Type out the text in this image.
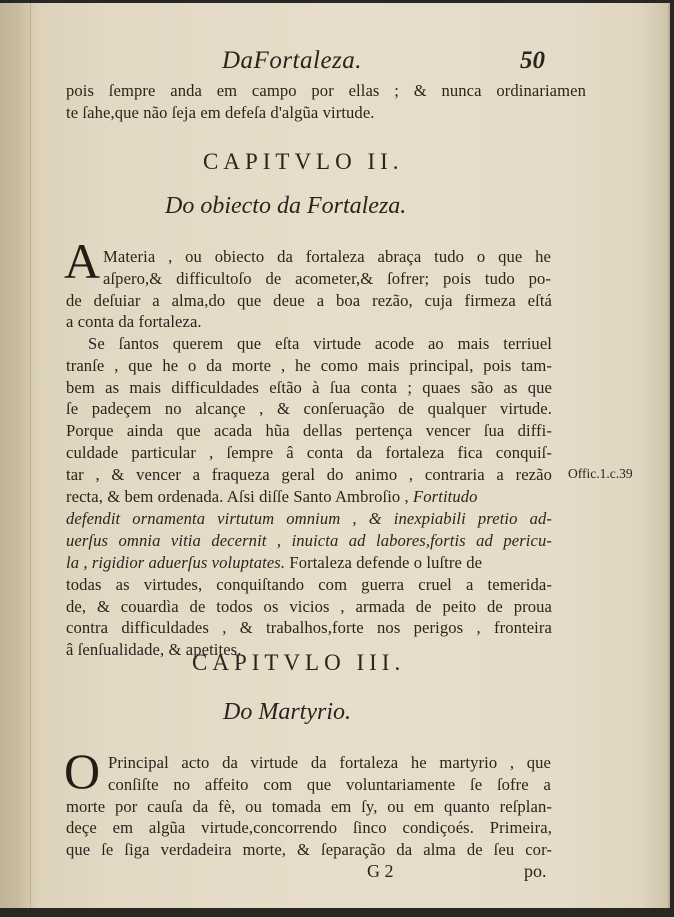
DaFortaleza.	50
pois ſempre anda em campo por ellas ; & nunca ordinariamen
te ſahe,que não ſeja em defeſa d'algũa virtude.
CAPITVLO II.
Do obiecto da Fortaleza.
A Materia , ou obiecto da fortaleza abraça tudo o que he
aſpero,& difficultoſo de acometer,& ſofrer; pois tudo po-
de deſuiar a alma,do que deue a boa rezão, cuja firmeza eſtá
a conta da fortaleza.
Se ſantos querem que eſta virtude acode ao mais terriuel
tranſe , que he o da morte , he como mais principal, pois tam-
bem as mais difficuldades eſtão à ſua conta ; quaes são as que
ſe padeçem no alcançe , & conſeruação de qualquer virtude.
Porque ainda que acada hũa dellas pertença vencer ſua diffi-
culdade particular , ſempre â conta da fortaleza fica conquiſ-
tar , & vencer a fraqueza geral do animo , contraria a rezão
recta, & bem ordenada. Aſsi diſſe Santo Ambroſio , Fortitudo
Offic.1.c.39
defendit ornamenta virtutum omnium , & inexpiabili pretio ad-
uerſus omnia vitia decernit , inuicta ad labores,fortis ad pericu-
la , rigidior aduerſus voluptates. Fortaleza defende o luſtre de
todas as virtudes, conquiſtando com guerra cruel a temerida-
de, & couardìa de todos os vicios , armada de peito de proua
contra difficuldades , & trabalhos,forte nos perigos , fronteira
â ſenſualidade, & apetites.
CAPITVLO III.
Do Martyrio.
O Principal acto da virtude da fortaleza he martyrio , que
conſiſte no affeito com que voluntariamente ſe ſofre a
morte por cauſa da fè, ou tomada em ſy, ou em quanto reſplan-
deçe em algũa virtude,concorrendo ſinco condiçoés. Primeira,
que ſe ſiga verdadeira morte, & ſeparação da alma de ſeu cor-
G 2	po.
